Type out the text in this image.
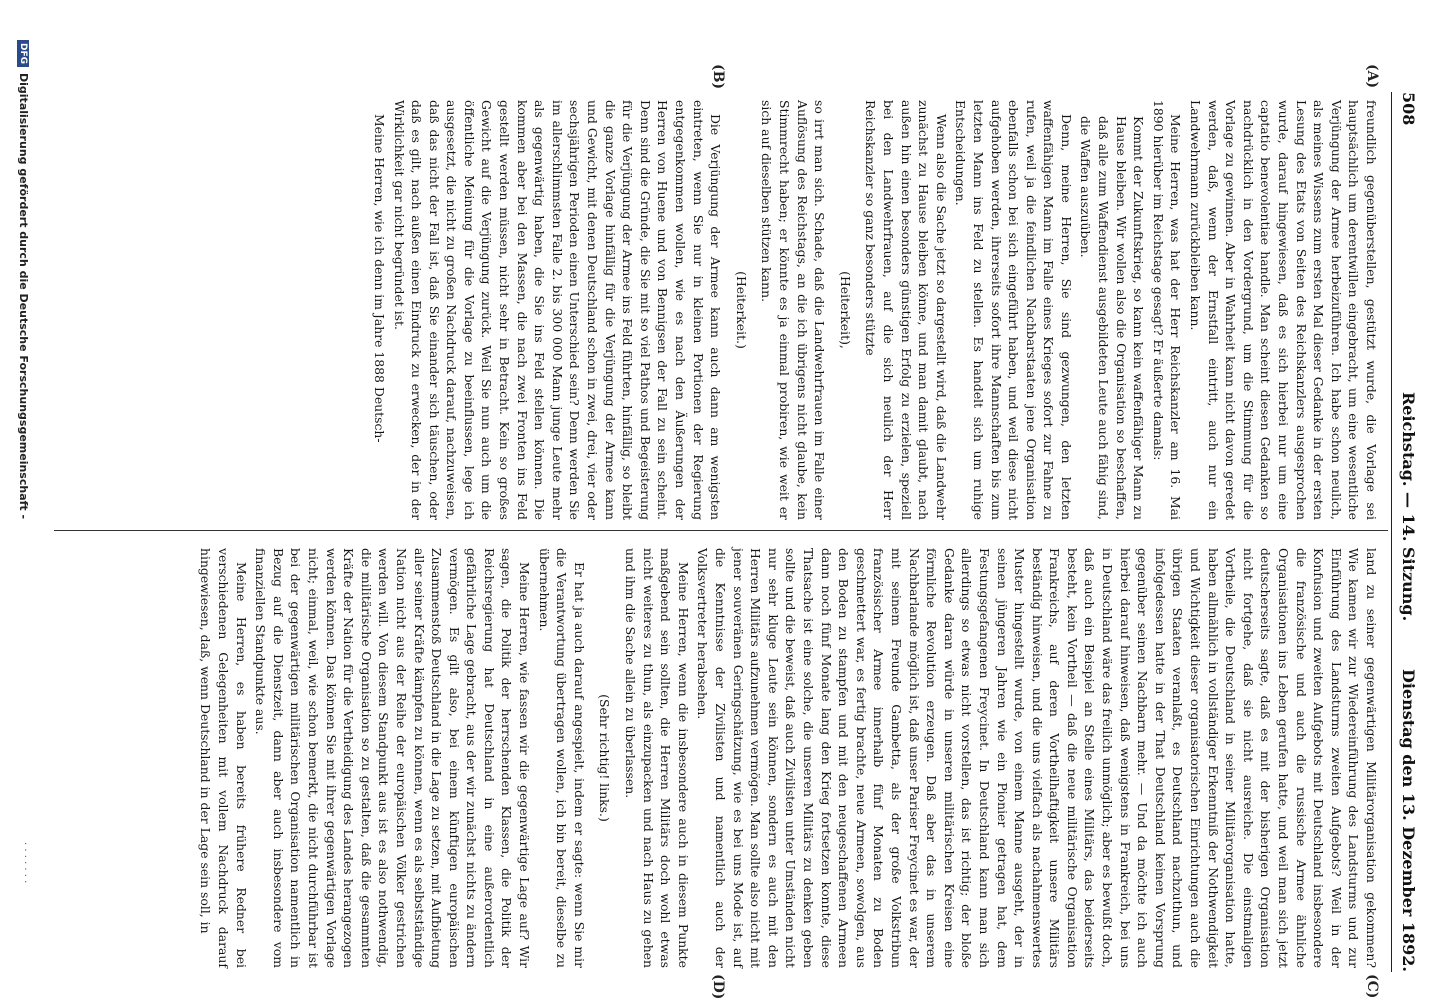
508
Reichstag. — 14. Sitzung.
Dienstag den 13. Dezember 1892.
(A)
(B)
(C)
(D)

freundlich gegenüberstellen, gestützt wurde, die Vorlage sei hauptsächlich um derentwillen eingebracht, um eine wesentliche Verjüngung der Armee herbeizuführen. Ich habe schon neulich, als meines Wissens zum ersten Mal dieser Gedanke in der ersten Lesung des Etats von Seiten des Reichskanzlers ausgesprochen wurde, darauf hingewiesen, daß es sich hierbei nur um eine captatio benevolentiae handle. Man scheint diesen Gedanken so nachdrücklich in den Vordergrund, um die Stimmung für die Vorlage zu gewinnen. Aber in Wahrheit kann nicht davon geredet werden, daß, wenn der Ernstfall eintritt, auch nur ein Landwehrmann zurückbleiben kann.

Meine Herren, was hat der Herr Reichskanzler am 16. Mai 1890 hierüber im Reichstage gesagt? Er äußerte damals:

Kommt der Zukunftskrieg, so kann kein waffenfähiger Mann zu Hause bleiben. Wir wollen also die Organisation so beschaffen, daß alle zum Waffendienst ausgebildeten Leute auch fähig sind, die Waffen auszuüben.

Denn, meine Herren, Sie sind gezwungen, den letzten waffenfähigen Mann im Falle eines Krieges sofort zur Fahne zu rufen, weil ja die feindlichen Nachbarstaaten jene Organisation ebenfalls schon bei sich eingeführt haben, und weil diese nicht aufgehoben werden, ihrerseits sofort ihre Mannschaften bis zum letzten Mann ins Feld zu stellen. Es handelt sich um ruhige Entscheidungen.

Wenn also die Sache jetzt so dargestellt wird, daß die Landwehr zunächst zu Hause bleiben könne, und man damit glaubt, nach außen hin einen besonders günstigen Erfolg zu erzielen, speziell bei den Landwehrfrauen, auf die sich neulich der Herr Reichskanzler so ganz besonders stützte

(Heiterkeit),

so irrt man sich. Schade, daß die Landwehrfrauen im Falle einer Auflösung des Reichstags, an die ich übrigens nicht glaube, kein Stimmrecht haben; er könnte es ja einmal probiren, wie weit er sich auf dieselben stützen kann.

(Heiterkeit.)

Die Verjüngung der Armee kann auch dann am wenigsten eintreten, wenn Sie nur in kleinen Portionen der Regierung entgegenkommen wollen, wie es nach den Äußerungen der Herren von Huene und von Bennigsen der Fall zu sein scheint. Denn sind die Gründe, die Sie mit so viel Pathos und Begeisterung für die Verjüngung der Armee ins Feld führten, hinfällig, so bleibt die ganze Vorlage hinfällig für die Verjüngung der Armee kann und Gewicht, mit denen Deutschland schon in zwei, drei, vier oder sechsjährigen Perioden einen Unterschied sein? Denn werden Sie im allerschlimmsten Falle 2. bis 300 000 Mann junge Leute mehr als gegenwärtig haben, die Sie ins Feld stellen können. Die kommen aber bei den Massen, die nach zwei Fronten ins Feld gestellt werden müssen, nicht sehr in Betracht. Kein so großes Gewicht auf die Verjüngung zurück. Weil Sie nun auch um die öffentliche Meinung für die Vorlage zu beeinflussen, lege ich ausgesetzt, die nicht zu großen Nachdruck darauf, nachzuweisen, daß das nicht der Fall ist, daß Sie einander sich täuschen, oder daß es gilt, nach außen einen Eindruck zu erwecken, der in der Wirklichkeit gar nicht begründet ist.

Meine Herren, wie ich denn im Jahre 1888 Deutsch-

land zu seiner gegenwärtigen Militärorganisation gekommen? Wie kamen wir zur Wiedereinführung des Landsturms und zur Einführung des Landsturms zweiten Aufgebots? Weil in der Konfusion und zweiten Aufgebots mit Deutschland insbesondere die französische und auch die russische Armee ähnliche Organisationen ins Leben gerufen hatte, und weil man sich jetzt deutscherseits sagte, daß es mit der bisherigen Organisation nicht fortgehe, daß sie nicht ausreiche. Die einstmaligen Vortheile, die Deutschland in seiner Militärorganisation hatte, haben allmählich in vollständiger Erkenntniß der Nothwendigkeit und Wichtigkeit dieser organisatorischen Einrichtungen auch die übrigen Staaten veranlaßt, es Deutschland nachzuthun, und infolgedessen hatte in der That Deutschland keinen Vorsprung gegenüber seinen Nachbarn mehr. — Und da möchte ich auch hierbei darauf hinweisen, daß wenigstens in Frankreich, bei uns in Deutschland wäre das freilich unmöglich; aber es bewußt doch, daß auch ein Beispiel an Stelle eines Militärs, das beiderseits besteht, kein Vortheil — daß die neue militärische Organisation Frankreichs, auf deren Vortheilhaftigkeit unsere Militärs beständig hinweisen, und die uns vielfach als nachahmenswertes Muster hingestellt wurde, von einem Manne ausgeht, der in seinen jüngeren Jahren wie ein Pionier getragen hat, dem Festungsgefangenen Freycinet. In Deutschland kann man sich allerdings so etwas nicht vorstellen, das ist richtig; der bloße Gedanke daran würde in unseren militärischen Kreisen eine förmliche Revolution erzeugen. Daß aber das in unserem Nachbarlande möglich ist, daß unser Pariser Freycinet es war, der mit seinem Freunde Gambetta, als der große Volkstribun französischer Armee innerhalb fünf Monaten zu Boden geschmettert war, es fertig brachte, neue Armeen, sowolgen, aus den Boden zu stampfen und mit den neugeschaffenen Armeen dann noch fünf Monate lang den Krieg fortsetzen konnte, diese Thatsache ist eine solche, die unseren Militärs zu denken geben sollte und die beweist, daß auch Zivilisten unter Umständen nicht nur sehr kluge Leute sein können, sondern es auch mit den Herren Militärs aufzunehmen vermögen. Man sollte also nicht mit jener souveränen Geringschätzung, wie es bei uns Mode ist, auf die Kenntnisse der Zivilisten und namentlich auch der Volksvertreter herabsehen.

Meine Herren, wenn die insbesondere auch in diesem Punkte maßgebend sein sollten, die Herren Militärs doch wohl etwas nicht weiteres zu thun, als einzupacken und nach Haus zu gehen und ihm die Sache allein zu überlassen.

(Sehr richtig! links.)

Er hat ja auch darauf angespielt, indem er sagte: wenn Sie mir die Verantwortung übertragen wollen, ich bin bereit, dieselbe zu übernehmen.

Meine Herren, wie fassen wir die gegenwärtige Lage auf? Wir sagen, die Politik der herrschenden Klassen, die Politik der Reichsregierung hat Deutschland in eine außerordentlich gefährliche Lage gebracht, aus der wir zunächst nichts zu ändern vermögen. Es gilt also, bei einem künftigen europäischen Zusammenstoß Deutschland in die Lage zu setzen, mit Aufbietung aller seiner Kräfte kämpfen zu können, wenn es als selbstständige Nation nicht aus der Reihe der europäischen Völker gestrichen werden will. Von diesem Standpunkt aus ist es also nothwendig, die militärische Organisation so zu gestalten, daß die gesammten Kräfte der Nation für die Vertheidigung des Landes herangezogen werden können. Das können Sie mit ihrer gegenwärtigen Vorlage nicht; einmal, weil, wie schon bemerkt, die nicht durchführbar ist bei der gegenwärtigen militärischen Organisation namentlich in Bezug auf die Dienstzeit, dann aber auch insbesondere vom finanziellen Standpunkte aus.

Meine Herren, es haben bereits frühere Redner bei verschiedenen Gelegenheiten mit vollem Nachdruck darauf hingewiesen, daß, wenn Deutschland in der Lage sein soll, in

DFGDigitalisierung gefördert durch die Deutsche Forschungsgemeinschaft -
· · · · · · ·
